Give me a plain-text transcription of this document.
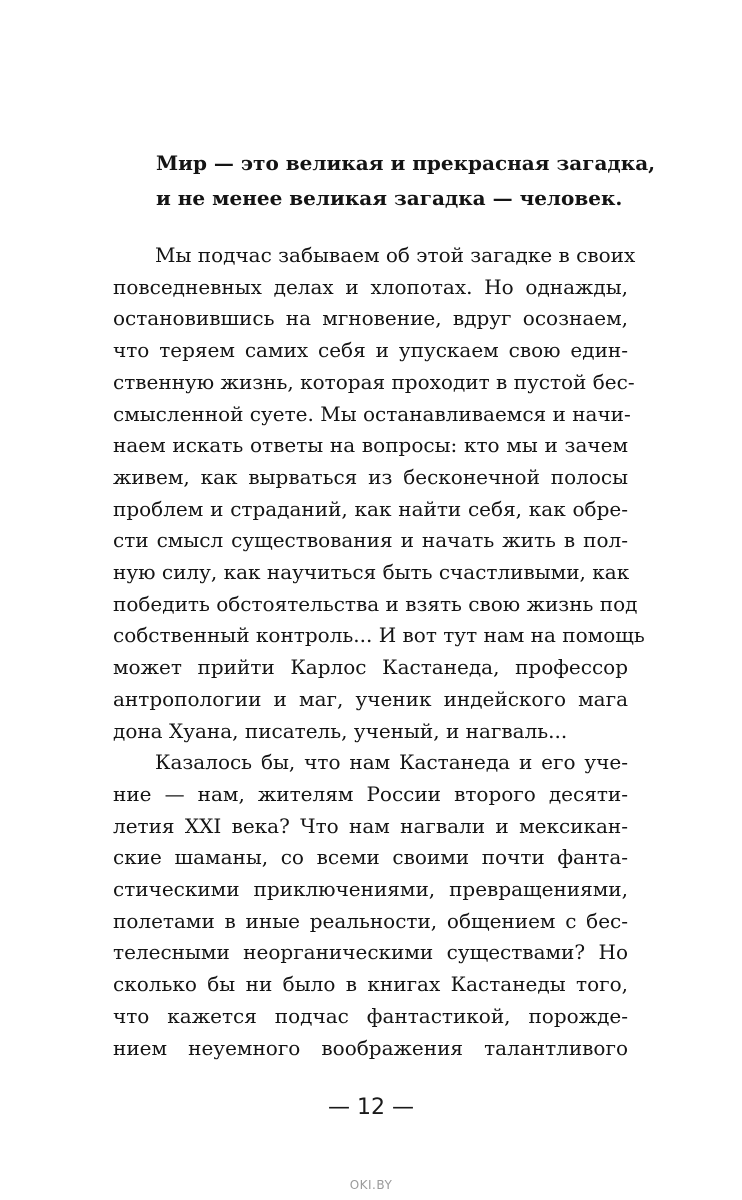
Мир — это великая и прекрасная загадка,
и не менее великая загадка — человек.
Мы подчас забываем об этой загадке в своих
повседневных делах и хлопотах. Но однажды,
остановившись на мгновение, вдруг осознаем,
что теряем самих себя и упускаем свою един-
ственную жизнь, которая проходит в пустой бес-
смысленной суете. Мы останавливаемся и начи-
наем искать ответы на вопросы: кто мы и зачем
живем, как вырваться из бесконечной полосы
проблем и страданий, как найти себя, как обре-
сти смысл существования и начать жить в пол-
ную силу, как научиться быть счастливыми, как
победить обстоятельства и взять свою жизнь под
собственный контроль... И вот тут нам на помощь
может прийти Карлос Кастанеда, профессор
антропологии и маг, ученик индейского мага
дона Хуана, писатель, ученый, и нагваль...
Казалось бы, что нам Кастанеда и его уче-
ние — нам, жителям России второго десяти-
летия XXI века? Что нам нагвали и мексикан-
ские шаманы, со всеми своими почти фанта-
стическими приключениями, превращениями,
полетами в иные реальности, общением с бес-
телесными неорганическими существами? Но
сколько бы ни было в книгах Кастанеды того,
что кажется подчас фантастикой, порожде-
нием неуемного воображения талантливого
— 12 —
OKI.BY
